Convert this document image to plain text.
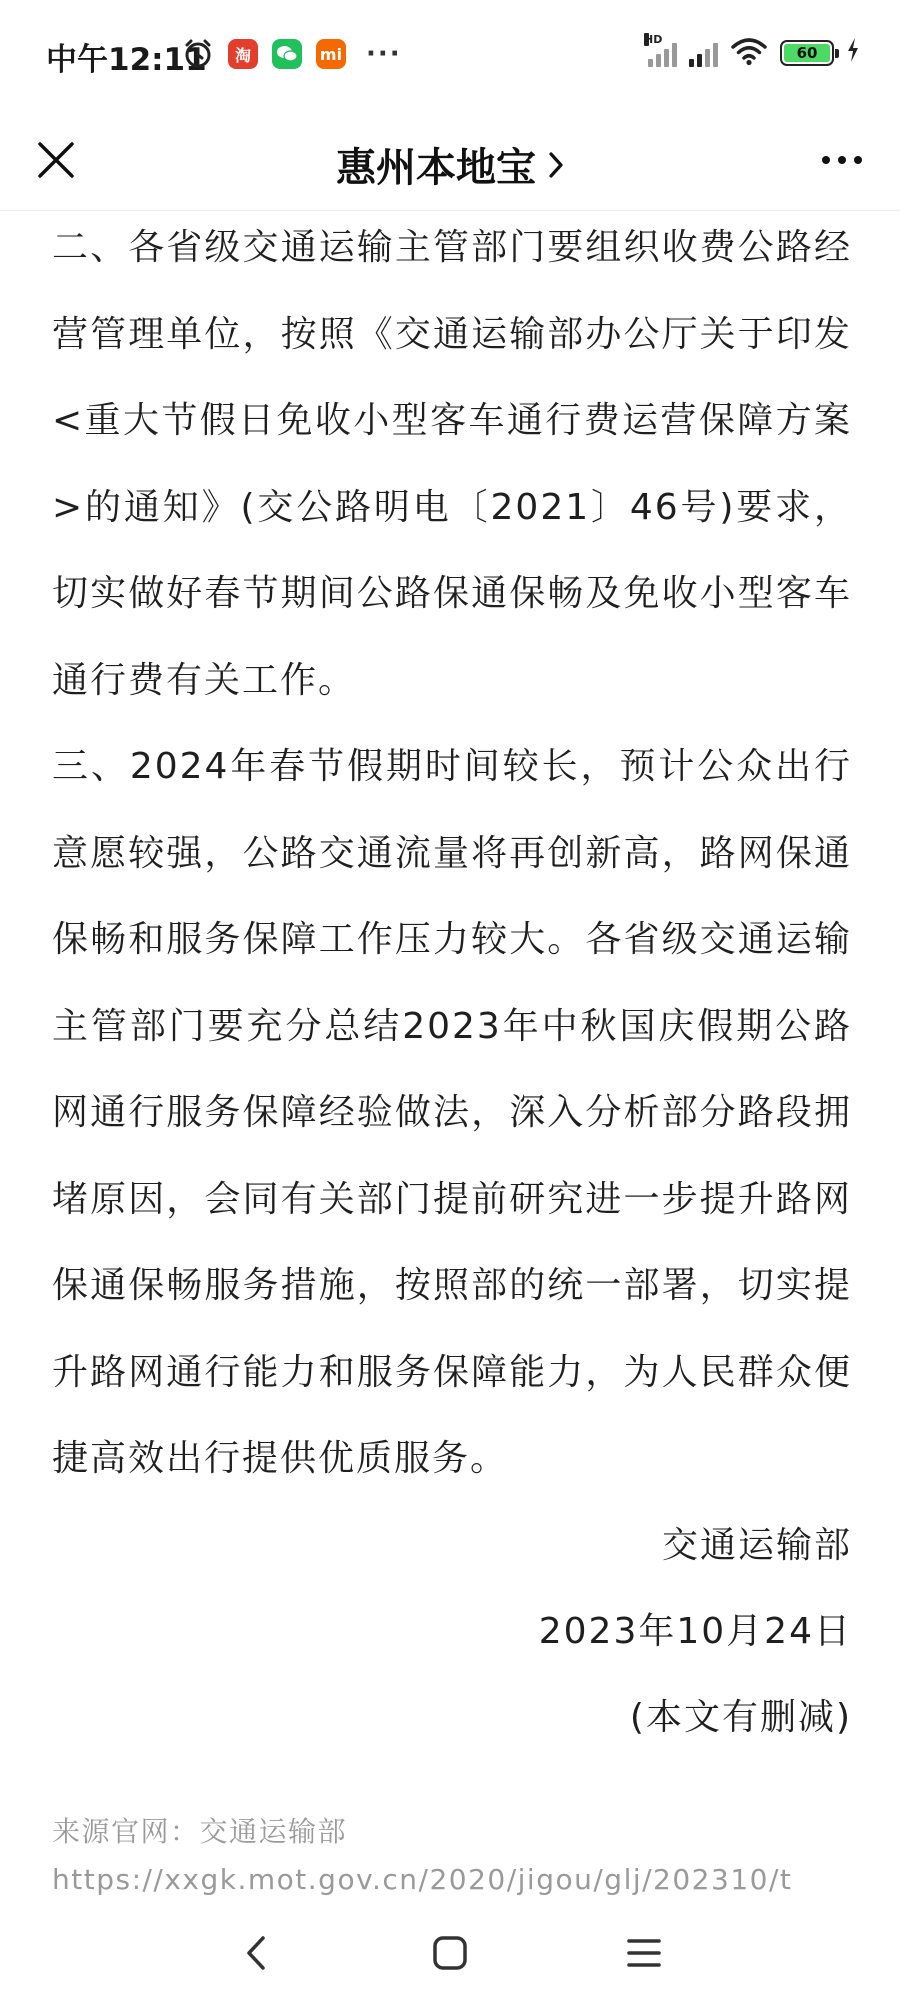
中午12:11	淘	mi ···	HD
60
惠州本地宝

二、各省级交通运输主管部门要组织收费公路经营管理单位，按照《交通运输部办公厅关于印发<重大节假日免收小型客车通行费运营保障方案>的通知》(交公路明电〔2021〕46号)要求，切实做好春节期间公路保通保畅及免收小型客车通行费有关工作。

三、2024年春节假期时间较长，预计公众出行意愿较强，公路交通流量将再创新高，路网保通保畅和服务保障工作压力较大。各省级交通运输主管部门要充分总结2023年中秋国庆假期公路网通行服务保障经验做法，深入分析部分路段拥堵原因，会同有关部门提前研究进一步提升路网保通保畅服务措施，按照部的统一部署，切实提升路网通行能力和服务保障能力，为人民群众便捷高效出行提供优质服务。

交通运输部
2023年10月24日
(本文有删减)
来源官网：交通运输部
https://xxgk.mot.gov.cn/2020/jigou/glj/202310/t
